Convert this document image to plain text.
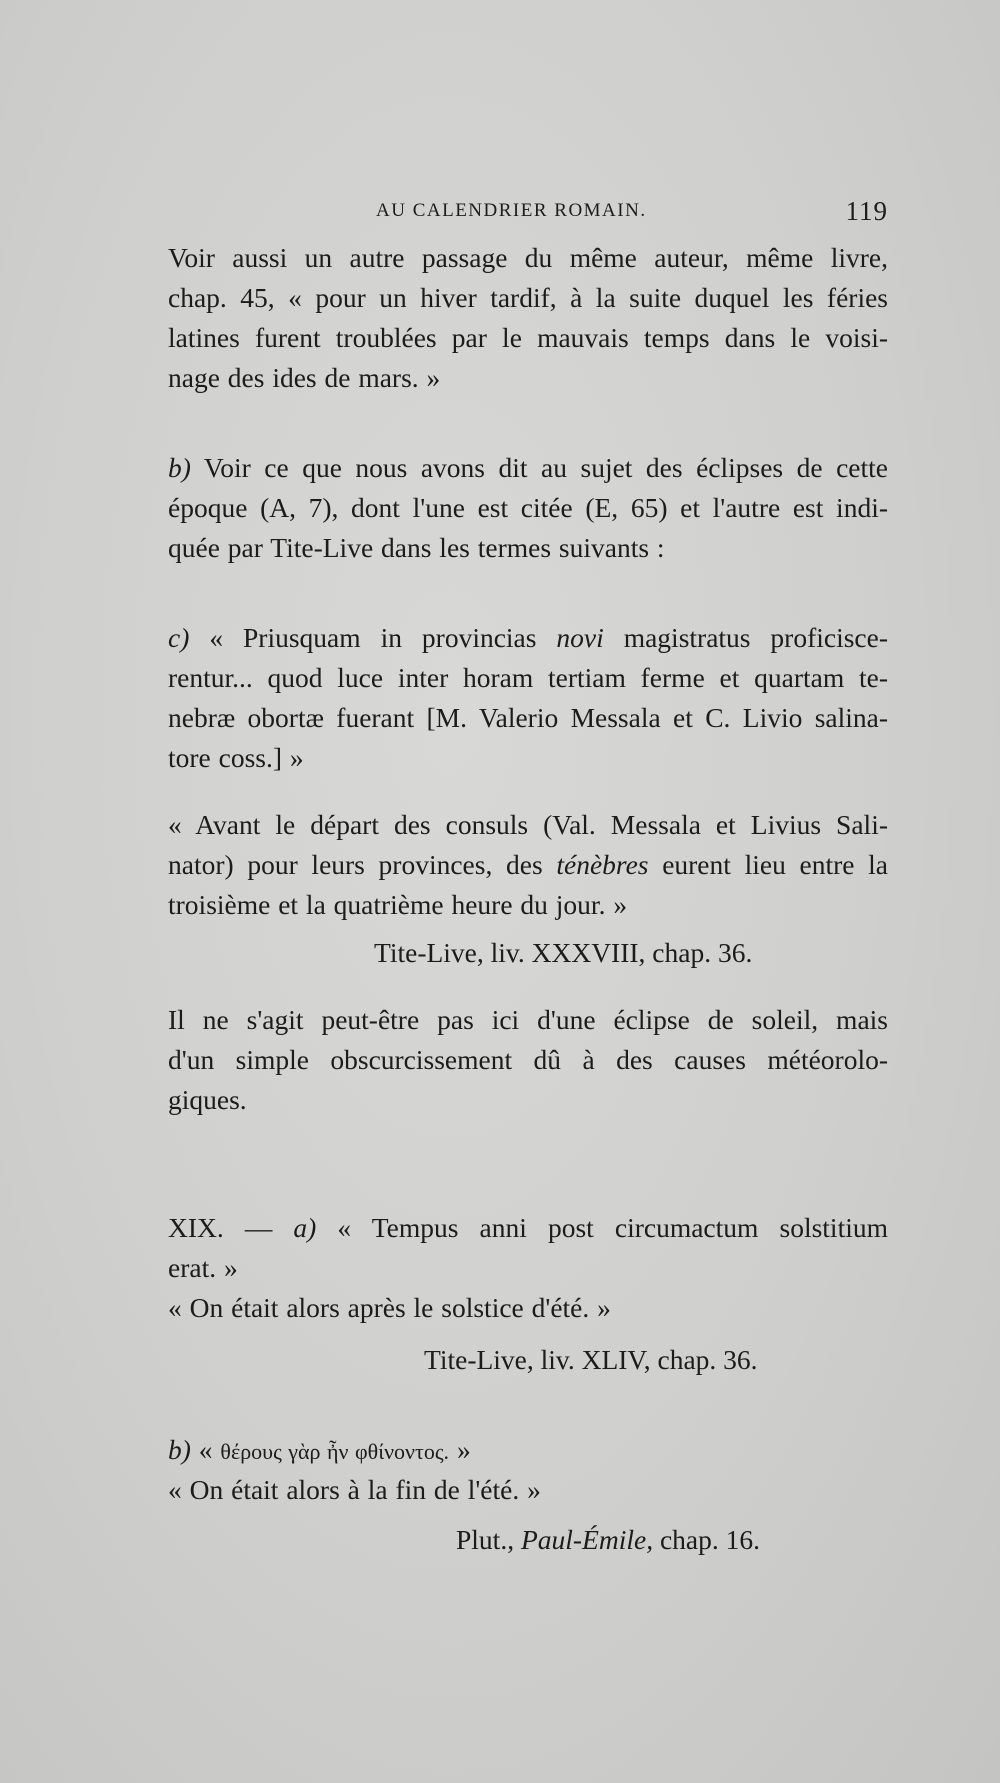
AU CALENDRIER ROMAIN.	119
Voir aussi un autre passage du même auteur, même livre,
chap. 45, « pour un hiver tardif, à la suite duquel les féries
latines furent troublées par le mauvais temps dans le voisi-
nage des ides de mars. »
b) Voir ce que nous avons dit au sujet des éclipses de cette
époque (A, 7), dont l'une est citée (E, 65) et l'autre est indi-
quée par Tite-Live dans les termes suivants :
c) « Priusquam in provincias novi magistratus proficisce-
rentur... quod luce inter horam tertiam ferme et quartam te-
nebræ obortæ fuerant [M. Valerio Messala et C. Livio salina-
tore coss.] »
« Avant le départ des consuls (Val. Messala et Livius Sali-
nator) pour leurs provinces, des ténèbres eurent lieu entre la
troisième et la quatrième heure du jour. »
Tite-Live, liv. XXXVIII, chap. 36.
Il ne s'agit peut-être pas ici d'une éclipse de soleil, mais
d'un simple obscurcissement dû à des causes météorolo-
giques.
XIX. — a) « Tempus anni post circumactum solstitium
erat. »
« On était alors après le solstice d'été. »
Tite-Live, liv. XLIV, chap. 36.
b) « θέρους γὰρ ἦν φθίνοντος. »
« On était alors à la fin de l'été. »
Plut., Paul-Émile, chap. 16.
